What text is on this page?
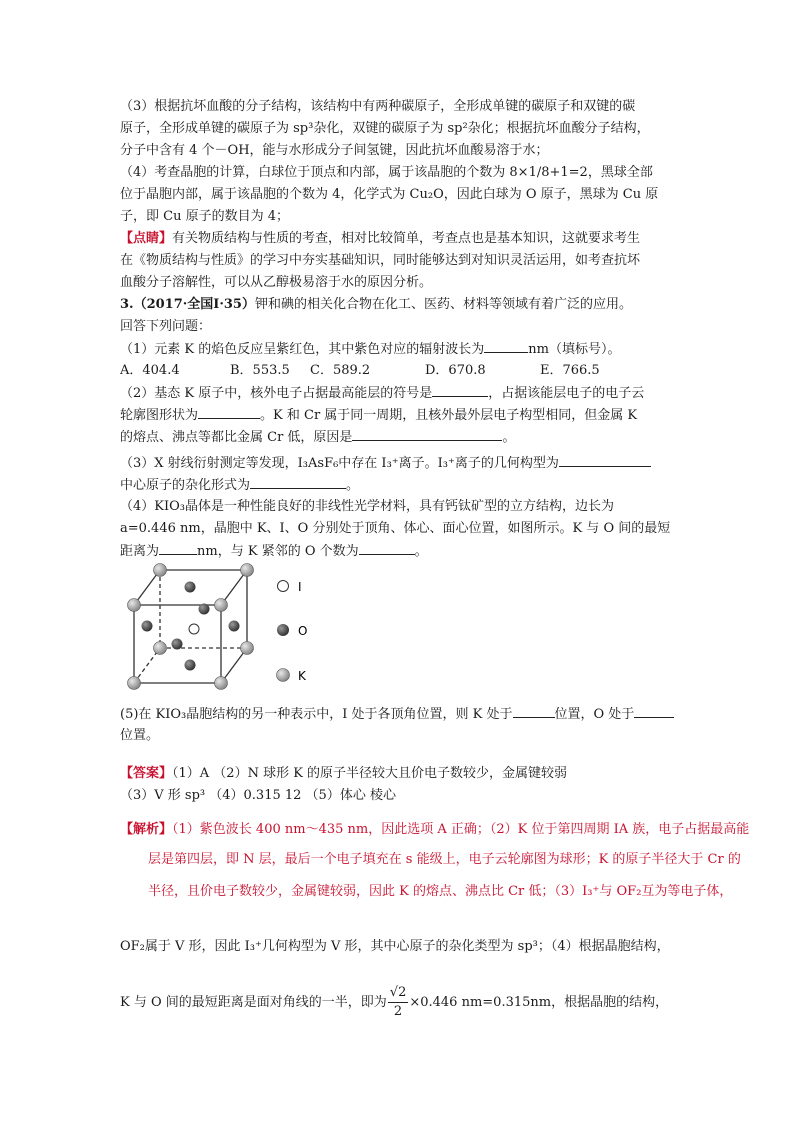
（3）根据抗坏血酸的分子结构，该结构中有两种碳原子，全形成单键的碳原子和双键的碳
原子，全形成单键的碳原子为 sp³杂化，双键的碳原子为 sp²杂化；根据抗坏血酸分子结构，
分子中含有 4 个－OH，能与水形成分子间氢键，因此抗坏血酸易溶于水；
（4）考查晶胞的计算，白球位于顶点和内部，属于该晶胞的个数为 8×1/8+1=2，黑球全部
位于晶胞内部，属于该晶胞的个数为 4，化学式为 Cu₂O，因此白球为 O 原子，黑球为 Cu 原
子，即 Cu 原子的数目为 4；
【点睛】有关物质结构与性质的考查，相对比较简单，考查点也是基本知识，这就要求考生
在《物质结构与性质》的学习中夯实基础知识，同时能够达到对知识灵活运用，如考查抗坏
血酸分子溶解性，可以从乙醇极易溶于水的原因分析。
3.（2017·全国Ⅰ·35）钾和碘的相关化合物在化工、医药、材料等领域有着广泛的应用。
回答下列问题：
（1）元素 K 的焰色反应呈紫红色，其中紫色对应的辐射波长为	nm（填标号）。
A．404.4	B．553.5 C．589.2	D．670.8	E．766.5
（2）基态 K 原子中，核外电子占据最高能层的符号是	，占据该能层电子的电子云
轮廓图形状为	。K 和 Cr 属于同一周期，且核外最外层电子构型相同，但金属 K
的熔点、沸点等都比金属 Cr 低，原因是	。
（3）X 射线衍射测定等发现，I₃AsF₆中存在 I₃⁺离子。I₃⁺离子的几何构型为
中心原子的杂化形式为	。
（4）KIO₃晶体是一种性能良好的非线性光学材料，具有钙钛矿型的立方结构，边长为
a=0.446 nm，晶胞中 K、I、O 分别处于顶角、体心、面心位置，如图所示。K 与 O 间的最短
距离为	nm，与 K 紧邻的 O 个数为	。
I
O
K
(5)在 KIO₃晶胞结构的另一种表示中，I 处于各顶角位置，则 K 处于	位置，O 处于
位置。
【答案】（1）A （2）N 球形 K 的原子半径较大且价电子数较少，金属键较弱
（3）V 形 sp³ （4）0.315 12 （5）体心 棱心
【解析】（1）紫色波长 400 nm～435 nm，因此选项 A 正确；（2）K 位于第四周期 IA 族，电子占据最高能
层是第四层，即 N 层，最后一个电子填充在 s 能级上，电子云轮廓图为球形；K 的原子半径大于 Cr 的
半径，且价电子数较少，金属键较弱，因此 K 的熔点、沸点比 Cr 低；（3）I₃⁺与 OF₂互为等电子体，
OF₂属于 V 形，因此 I₃⁺几何构型为 V 形，其中心原子的杂化类型为 sp³；（4）根据晶胞结构，
K 与 O 间的最短距离是面对角线的一半，即为 $\frac{√2}{2} \times 0.446$ nm=0.315nm，根据晶胞的结构，
